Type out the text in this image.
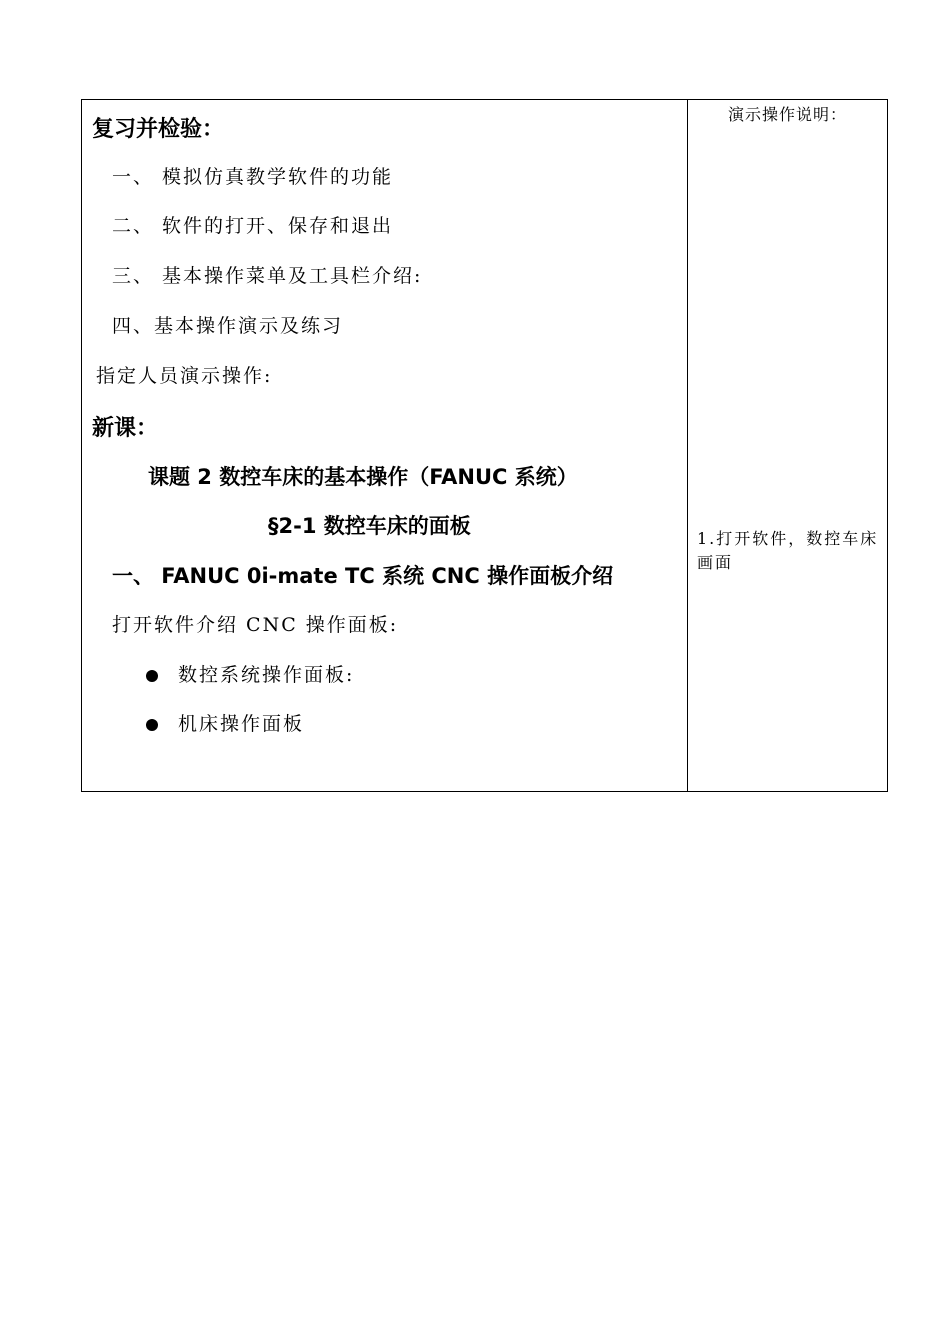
复习并检验：
一、 模拟仿真教学软件的功能
二、 软件的打开、保存和退出
三、 基本操作菜单及工具栏介绍:
四、基本操作演示及练习
指定人员演示操作:
新课：
课题 2 数控车床的基本操作（FANUC 系统）
§2-1 数控车床的面板
一、 FANUC 0i-mate TC 系统 CNC 操作面板介绍
打开软件介绍 CNC 操作面板:
数控系统操作面板:
机床操作面板
演示操作说明：
1.打开软件，数控车床画面
